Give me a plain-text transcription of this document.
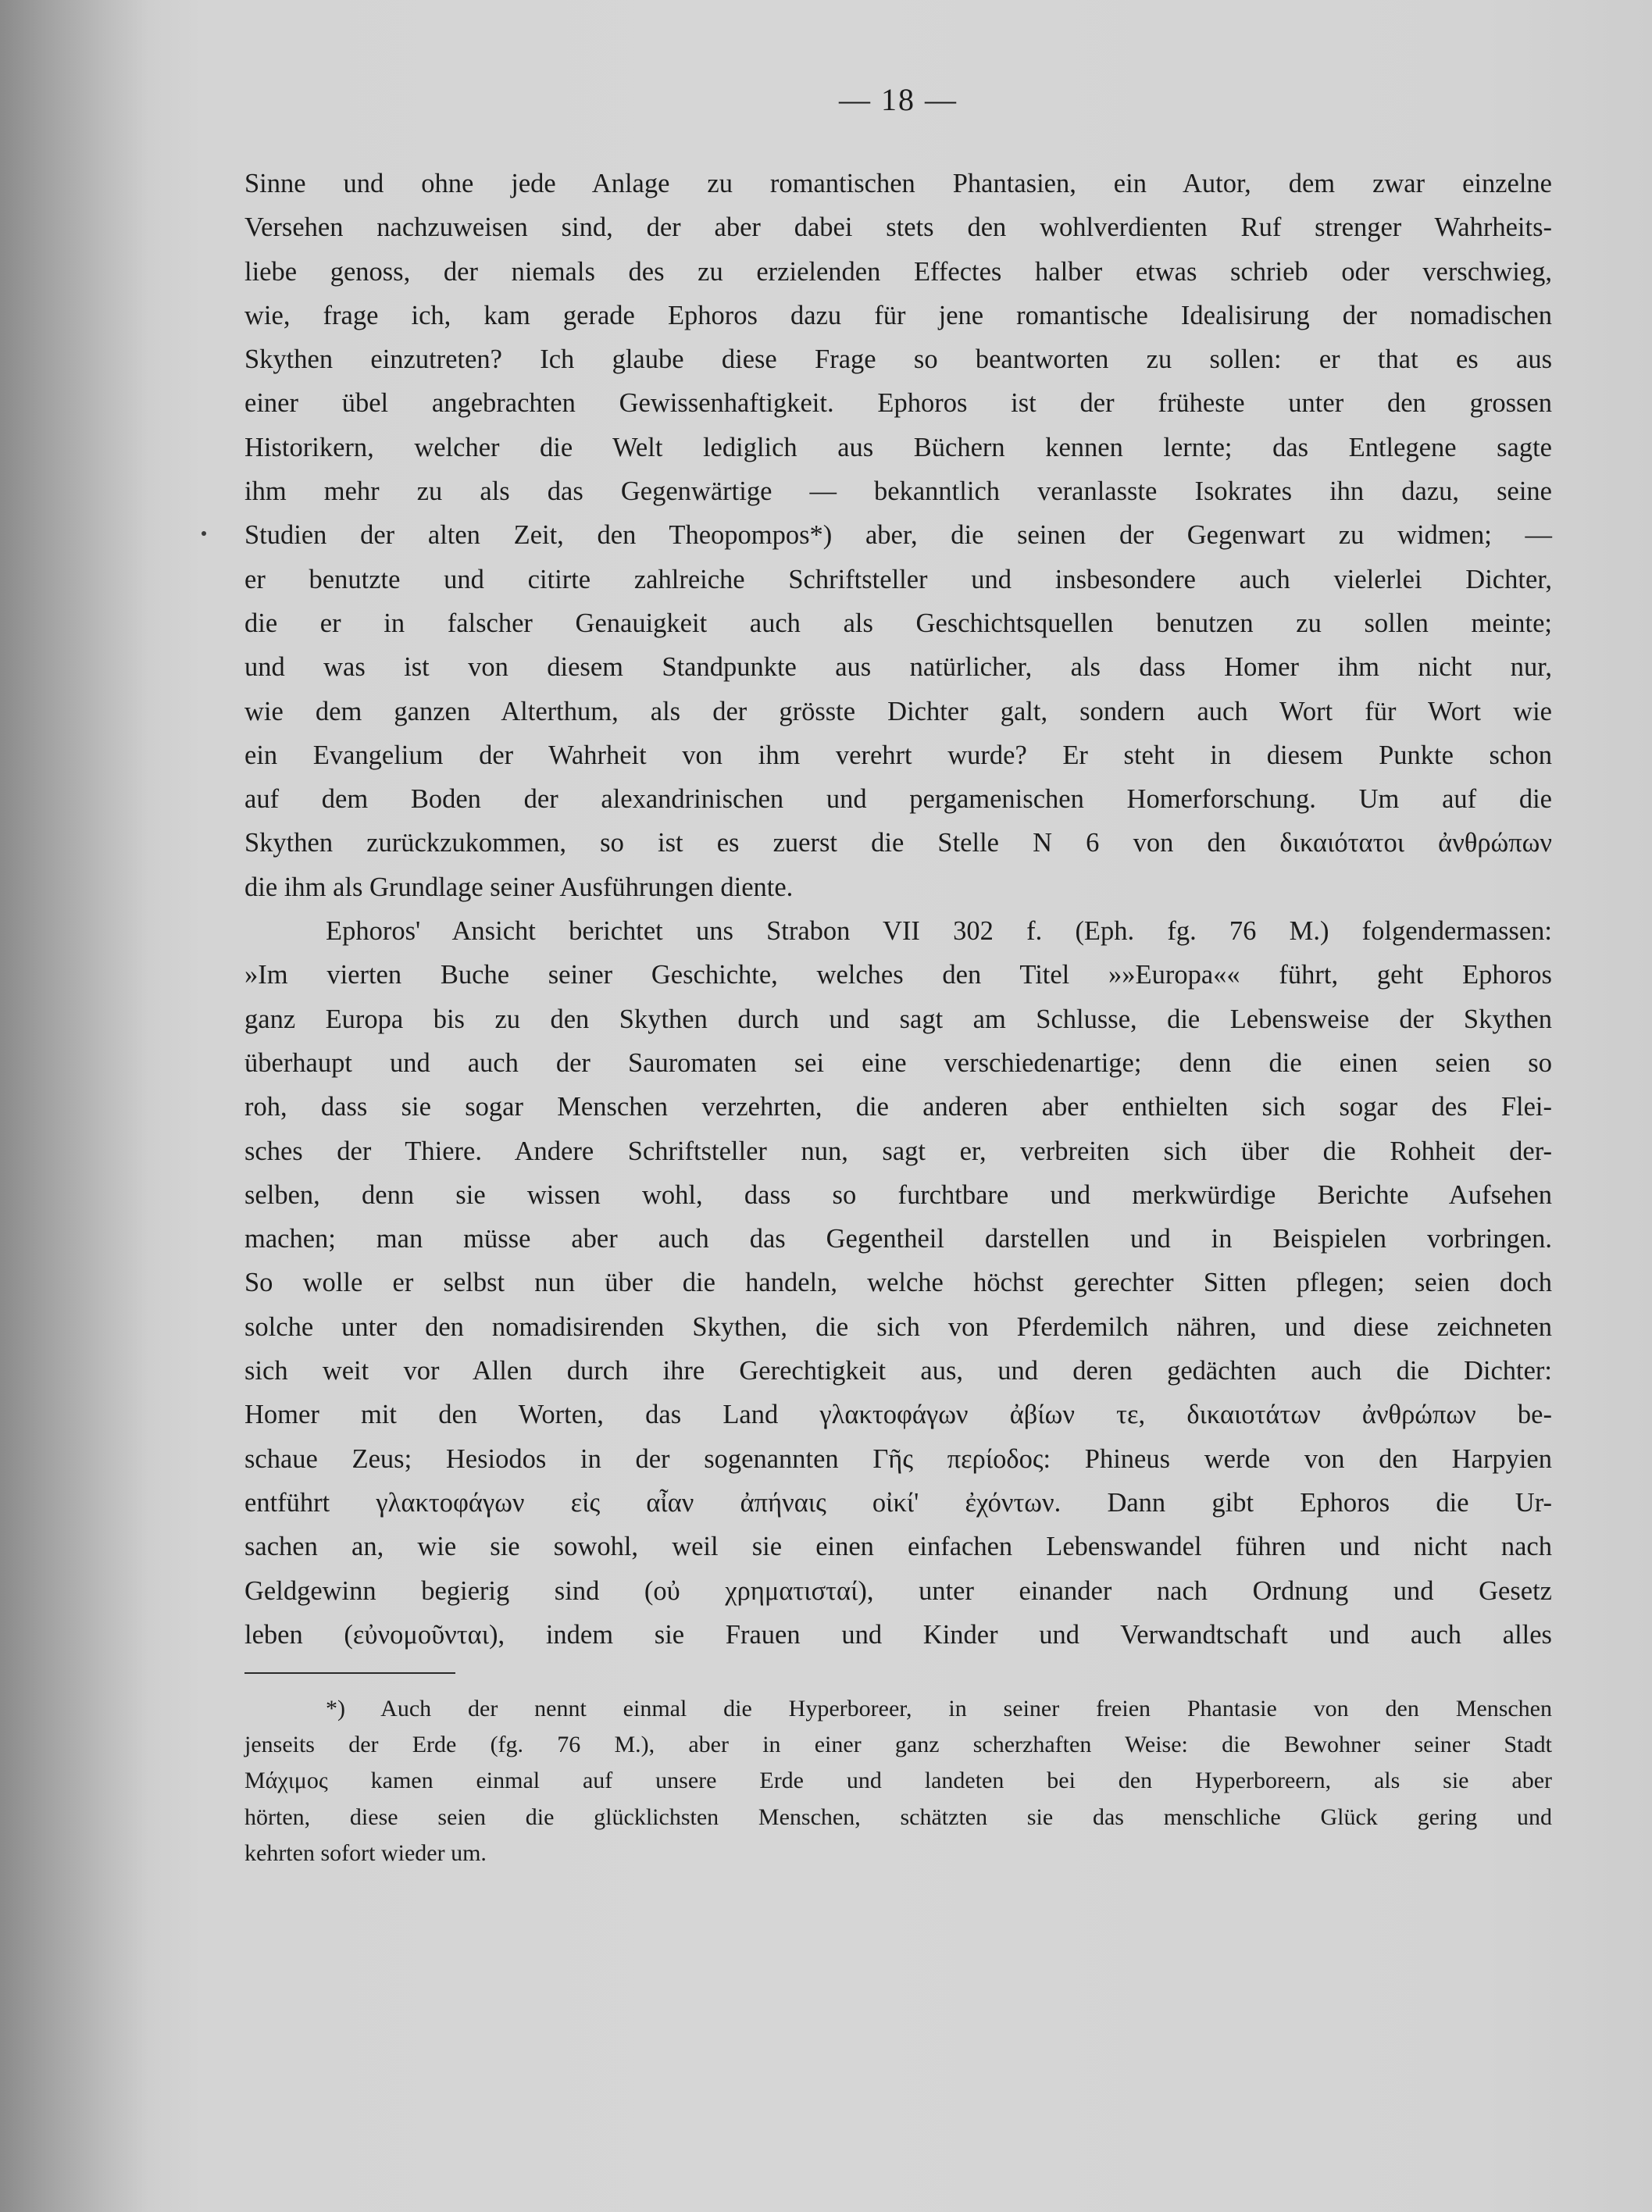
— 18 —

Sinne und ohne jede Anlage zu romantischen Phantasien, ein Autor, dem zwar einzelne

Versehen nachzuweisen sind, der aber dabei stets den wohlverdienten Ruf strenger Wahrheits-

liebe genoss, der niemals des zu erzielenden Effectes halber etwas schrieb oder verschwieg,

wie, frage ich, kam gerade Ephoros dazu für jene romantische Idealisirung der nomadischen

Skythen einzutreten? Ich glaube diese Frage so beantworten zu sollen: er that es aus

einer übel angebrachten Gewissenhaftigkeit. Ephoros ist der früheste unter den grossen

Historikern, welcher die Welt lediglich aus Büchern kennen lernte; das Entlegene sagte

ihm mehr zu als das Gegenwärtige — bekanntlich veranlasste Isokrates ihn dazu, seine

Studien der alten Zeit, den Theopompos*) aber, die seinen der Gegenwart zu widmen; —

er benutzte und citirte zahlreiche Schriftsteller und insbesondere auch vielerlei Dichter,

die er in falscher Genauigkeit auch als Geschichtsquellen benutzen zu sollen meinte;

und was ist von diesem Standpunkte aus natürlicher, als dass Homer ihm nicht nur,

wie dem ganzen Alterthum, als der grösste Dichter galt, sondern auch Wort für Wort wie

ein Evangelium der Wahrheit von ihm verehrt wurde? Er steht in diesem Punkte schon

auf dem Boden der alexandrinischen und pergamenischen Homerforschung. Um auf die

Skythen zurückzukommen, so ist es zuerst die Stelle N 6 von den δικαιότατοι ἀνθρώπων

die ihm als Grundlage seiner Ausführungen diente.

Ephoros' Ansicht berichtet uns Strabon VII 302 f. (Eph. fg. 76 M.) folgendermassen:

»Im vierten Buche seiner Geschichte, welches den Titel »»Europa«« führt, geht Ephoros

ganz Europa bis zu den Skythen durch und sagt am Schlusse, die Lebensweise der Skythen

überhaupt und auch der Sauromaten sei eine verschiedenartige; denn die einen seien so

roh, dass sie sogar Menschen verzehrten, die anderen aber enthielten sich sogar des Flei-

sches der Thiere. Andere Schriftsteller nun, sagt er, verbreiten sich über die Rohheit der-

selben, denn sie wissen wohl, dass so furchtbare und merkwürdige Berichte Aufsehen

machen; man müsse aber auch das Gegentheil darstellen und in Beispielen vorbringen.

So wolle er selbst nun über die handeln, welche höchst gerechter Sitten pflegen; seien doch

solche unter den nomadisirenden Skythen, die sich von Pferdemilch nähren, und diese zeichneten

sich weit vor Allen durch ihre Gerechtigkeit aus, und deren gedächten auch die Dichter:

Homer mit den Worten, das Land γλακτοφάγων ἀβίων τε, δικαιοτάτων ἀνθρώπων be-

schaue Zeus; Hesiodos in der sogenannten Γῆς περίοδος: Phineus werde von den Harpyien

entführt γλακτοφάγων εἰς αἶαν ἀπήναις οἰκί' ἐχόντων. Dann gibt Ephoros die Ur-

sachen an, wie sie sowohl, weil sie einen einfachen Lebenswandel führen und nicht nach

Geldgewinn begierig sind (οὐ χρηματισταί), unter einander nach Ordnung und Gesetz

leben (εὐνομοῦνται), indem sie Frauen und Kinder und Verwandtschaft und auch alles

*) Auch der nennt einmal die Hyperboreer, in seiner freien Phantasie von den Menschen

jenseits der Erde (fg. 76 M.), aber in einer ganz scherzhaften Weise: die Bewohner seiner Stadt

Μάχιμος kamen einmal auf unsere Erde und landeten bei den Hyperboreern, als sie aber

hörten, diese seien die glücklichsten Menschen, schätzten sie das menschliche Glück gering und

kehrten sofort wieder um.
